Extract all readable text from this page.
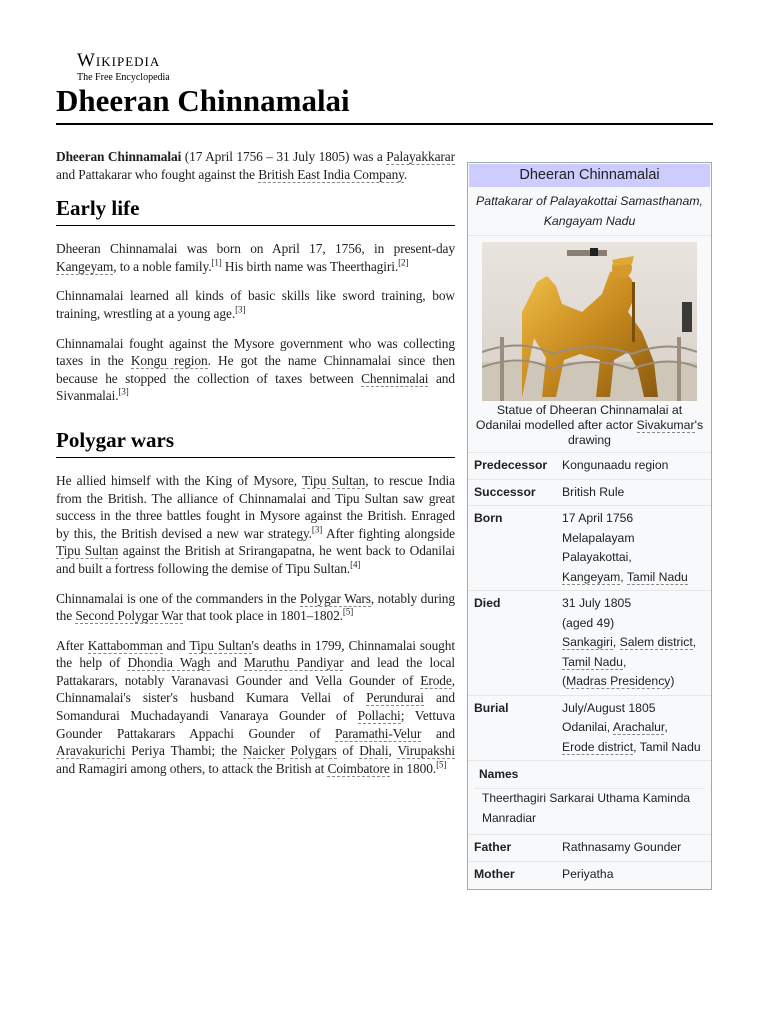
Wikipedia
The Free Encyclopedia
Dheeran Chinnamalai

Dheeran Chinnamalai (17 April 1756 – 31 July 1805) was a Palayakkarar and Pattakarar who fought against the British East India Company.

Early life

Dheeran Chinnamalai was born on April 17, 1756, in present-day Kangeyam, to a noble family.[1] His birth name was Theerthagiri.[2]

Chinnamalai learned all kinds of basic skills like sword training, bow training, wrestling at a young age.[3]

Chinnamalai fought against the Mysore government who was collecting taxes in the Kongu region. He got the name Chinnamalai since then because he stopped the collection of taxes between Chennimalai and Sivanmalai.[3]

Polygar wars

He allied himself with the King of Mysore, Tipu Sultan, to rescue India from the British. The alliance of Chinnamalai and Tipu Sultan saw great success in the three battles fought in Mysore against the British. Enraged by this, the British devised a new war strategy.[3] After fighting alongside Tipu Sultan against the British at Srirangapatna, he went back to Odanilai and built a fortress following the demise of Tipu Sultan.[4]

Chinnamalai is one of the commanders in the Polygar Wars, notably during the Second Polygar War that took place in 1801–1802.[5]

After Kattabomman and Tipu Sultan's deaths in 1799, Chinnamalai sought the help of Dhondia Wagh and Maruthu Pandiyar and lead the local Pattakarars, notably Varanavasi Gounder and Vella Gounder of Erode, Chinnamalai's sister's husband Kumara Vellai of Perundurai and Somandurai Muchadayandi Vanaraya Gounder of Pollachi; Vettuva Gounder Pattakarars Appachi Gounder of Paramathi-Velur and Aravakurichi Periya Thambi; the Naicker Polygars of Dhali, Virupakshi and Ramagiri among others, to attack the British at Coimbatore in 1800.[5]

Dheeran Chinnamalai
Pattakarar of Palayakottai Samasthanam, Kangayam Nadu
Statue of Dheeran Chinnamalai at Odanilai modelled after actor Sivakumar's drawing
Predecessor	Kongunaadu region
Successor	British Rule
Born	17 April 1756
Melapalayam Palayakottai,
Kangeyam, Tamil Nadu
Died	31 July 1805
(aged 49)
Sankagiri, Salem district, Tamil Nadu,
(Madras Presidency)
Burial	July/August 1805
Odanilai, Arachalur,
Erode district, Tamil Nadu
Names
Theerthagiri Sarkarai Uthama Kaminda Manradiar
Father	Rathnasamy Gounder
Mother	Periyatha
